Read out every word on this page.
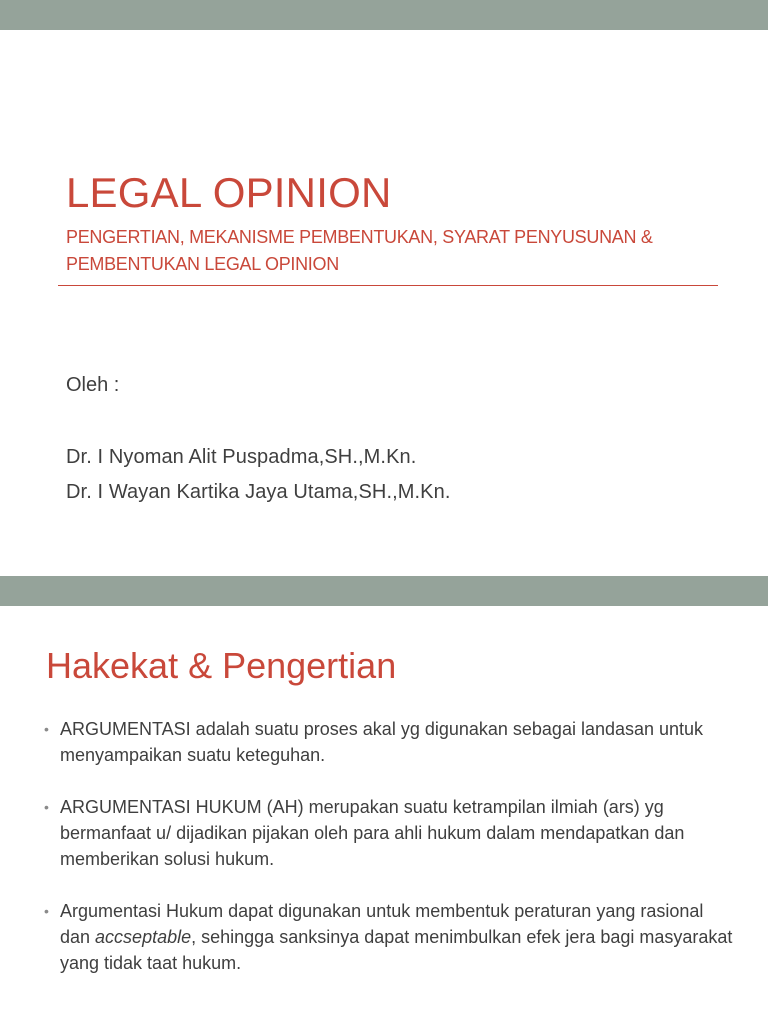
LEGAL OPINION

PENGERTIAN, MEKANISME PEMBENTUKAN, SYARAT PENYUSUNAN & PEMBENTUKAN LEGAL OPINION

Oleh :

Dr. I Nyoman Alit Puspadma,SH.,M.Kn.

Dr. I Wayan Kartika Jaya Utama,SH.,M.Kn.

Hakekat & Pengertian
• ARGUMENTASI adalah suatu proses akal yg digunakan sebagai landasan untuk menyampaikan suatu keteguhan.
• ARGUMENTASI HUKUM (AH) merupakan suatu ketrampilan ilmiah (ars) yg bermanfaat u/ dijadikan pijakan oleh para ahli hukum dalam mendapatkan dan memberikan solusi hukum.
• Argumentasi Hukum dapat digunakan untuk membentuk peraturan yang rasional dan accseptable, sehingga sanksinya dapat menimbulkan efek jera bagi masyarakat yang tidak taat hukum.
